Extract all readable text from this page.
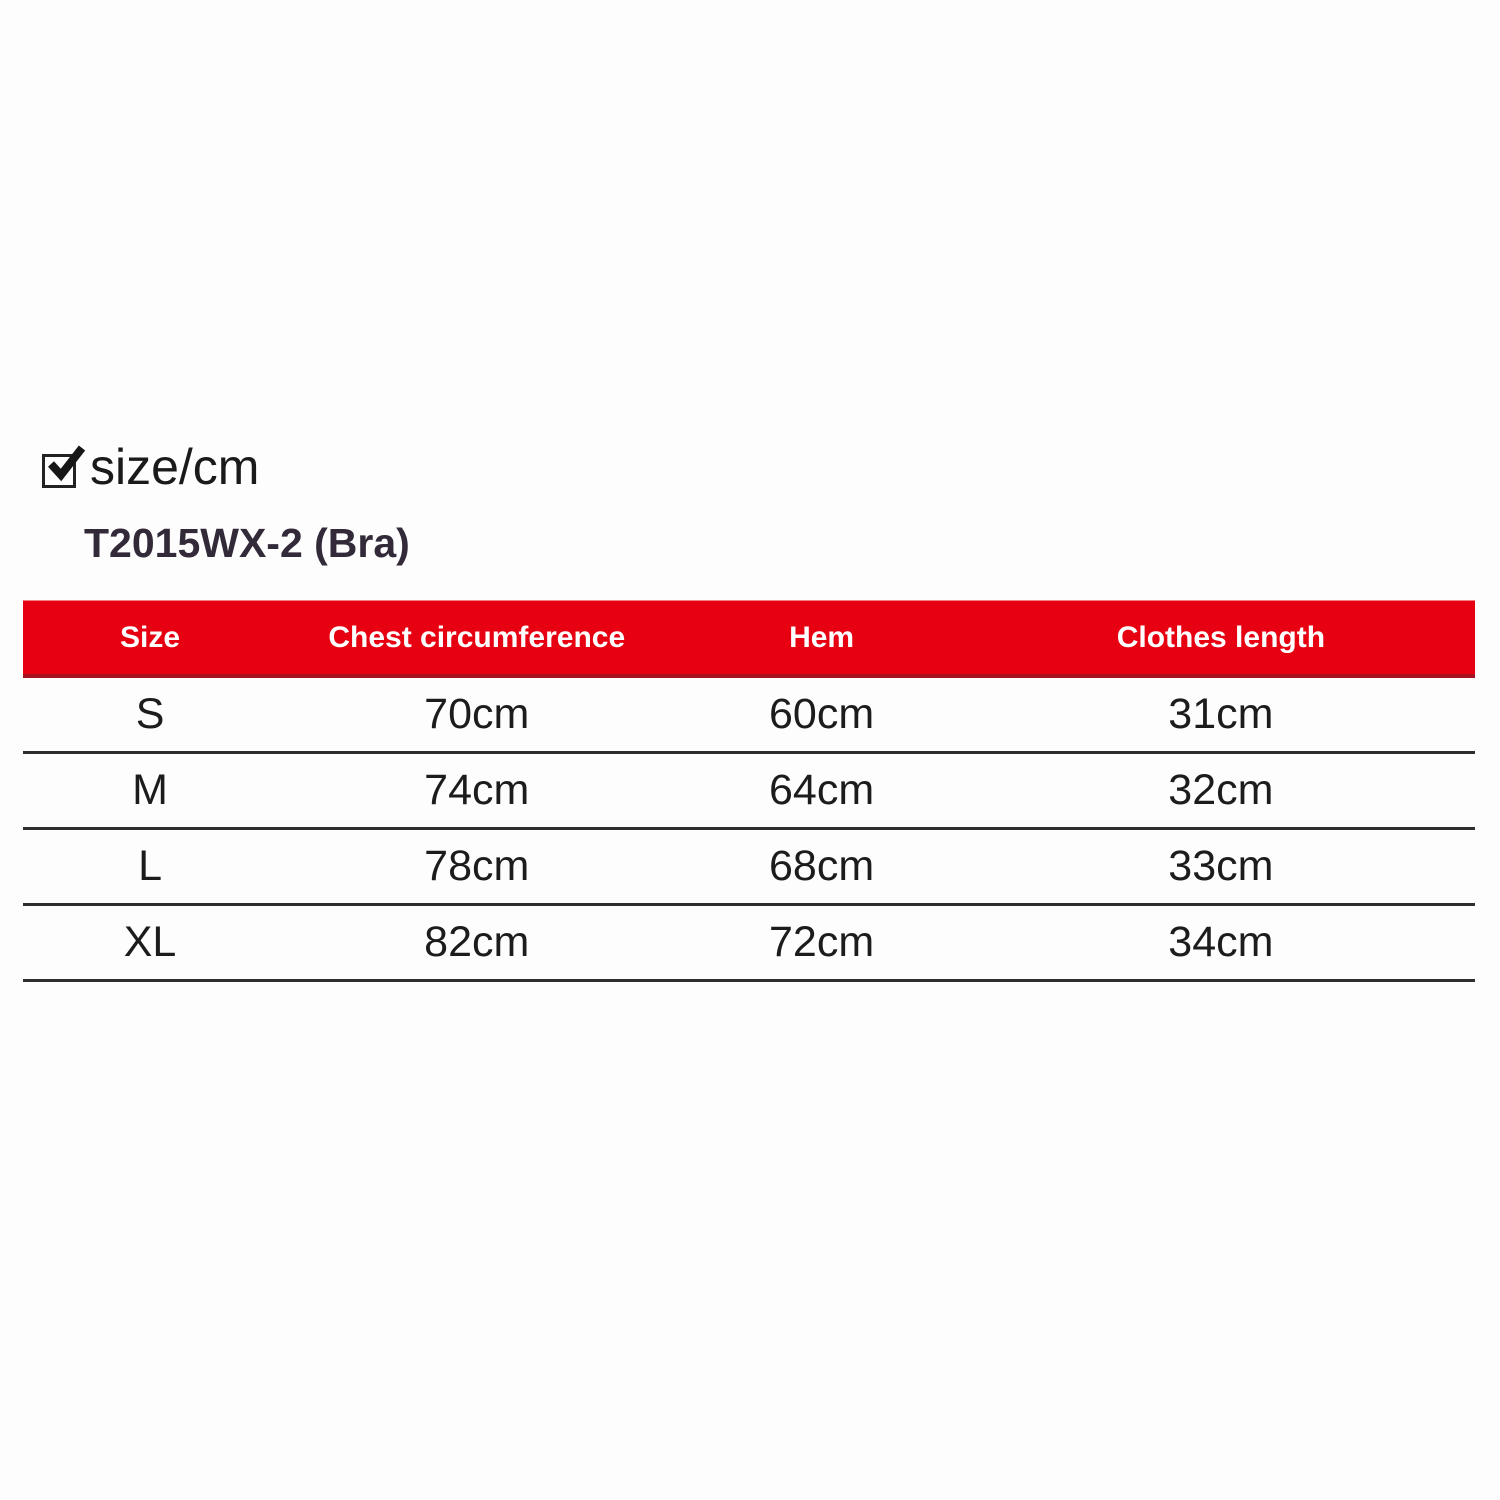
size/cm
T2015WX-2 (Bra)
Size	Chest circumference	Hem	Clothes length
S	70cm	60cm	31cm
M	74cm	64cm	32cm
L	78cm	68cm	33cm
XL	82cm	72cm	34cm
